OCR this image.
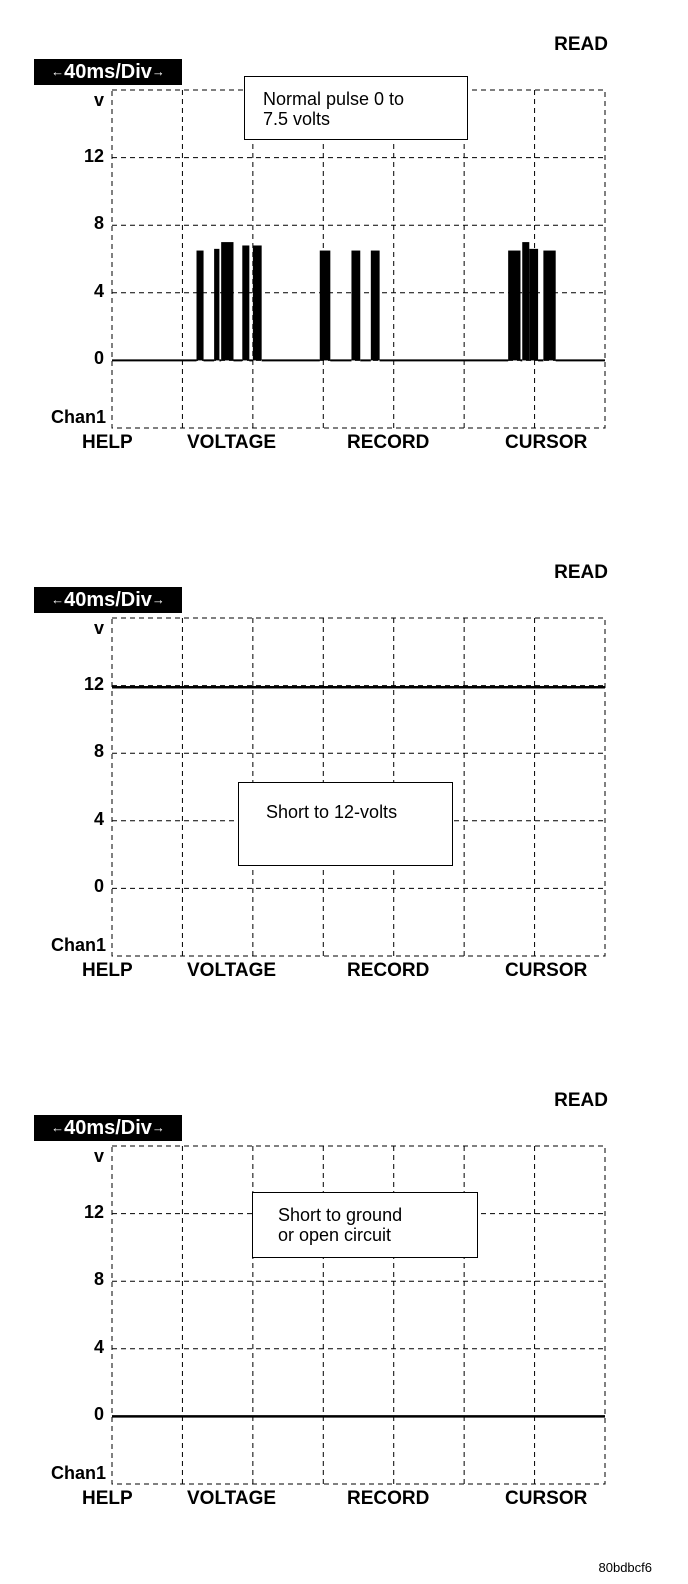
READ
←40ms/Div→
v
12
8
4
0
Chan1
HELP	VOLTAGE	RECORD	CURSOR
Normal pulse 0 to
7.5 volts
READ
←40ms/Div→
v
12
8
4
0
Chan1
HELP	VOLTAGE	RECORD	CURSOR
Short to 12-volts
READ
←40ms/Div→
v
12
8
4
0
Chan1
HELP	VOLTAGE	RECORD	CURSOR
Short to ground
or open circuit
80bdbcf6
